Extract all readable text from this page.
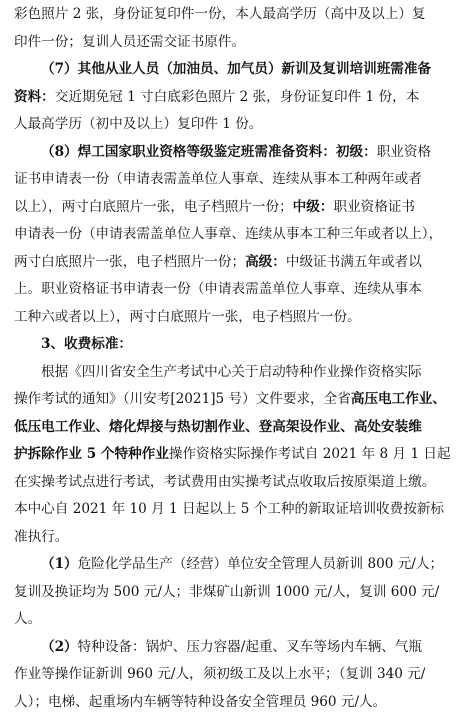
彩色照片 2 张，身份证复印件一份，本人最高学历（高中及以上）复
印件一份；复训人员还需交证书原件。
（7）其他从业人员（加油员、加气员）新训及复训培训班需准备
资料：交近期免冠 1 寸白底彩色照片 2 张，身份证复印件 1 份，本
人最高学历（初中及以上）复印件 1 份。
（8）焊工国家职业资格等级鉴定班需准备资料：初级：职业资格
证书申请表一份（申请表需盖单位人事章、连续从事本工种两年或者
以上），两寸白底照片一张，电子档照片一份；中级：职业资格证书
申请表一份（申请表需盖单位人事章、连续从事本工种三年或者以上），
两寸白底照片一张，电子档照片一份；高级：中级证书满五年或者以
上。职业资格证书申请表一份（申请表需盖单位人事章、连续从事本
工种六或者以上），两寸白底照片一张，电子档照片一份。
3、收费标准：
根据《四川省安全生产考试中心关于启动特种作业操作资格实际
操作考试的通知》（川安考[2021]5 号）文件要求，全省高压电工作业、
低压电工作业、熔化焊接与热切割作业、登高架设作业、高处安装维
护拆除作业 5 个特种作业操作资格实际操作考试自 2021 年 8 月 1 日起
在实操考试点进行考试，考试费用由实操考试点收取后按原渠道上缴。
本中心自 2021 年 10 月 1 日起以上 5 个工种的新取证培训收费按新标
准执行。
（1）危险化学品生产（经营）单位安全管理人员新训 800 元/人；
复训及换证均为 500 元/人；非煤矿山新训 1000 元/人，复训 600 元/
人。
（2）特种设备：锅炉、压力容器/起重、叉车等场内车辆、气瓶
作业等操作证新训 960 元/人，须初级工及以上水平；（复训 340 元/
人）；电梯、起重场内车辆等特种设备安全管理员 960 元/人。
